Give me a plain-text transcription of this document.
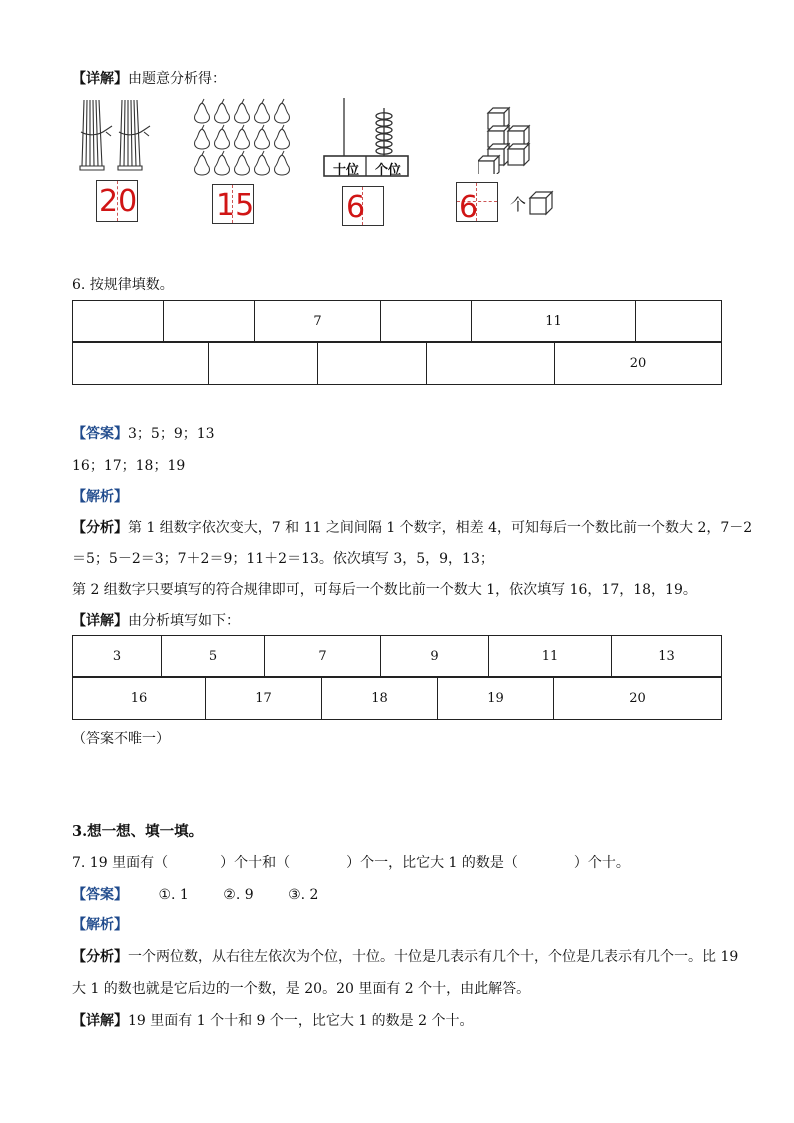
【详解】由题意分析得：
20	15
十位	个位
6	6 个
6. 按规律填数。
		7		11	
				20
【答案】3；5；9；13
16；17；18；19
【解析】
【分析】第 1 组数字依次变大，7 和 11 之间间隔 1 个数字，相差 4，可知每后一个数比前一个数大 2，7－2
＝5；5－2＝3；7＋2＝9；11＋2＝13。依次填写 3，5，9，13；
第 2 组数字只要填写的符合规律即可，可每后一个数比前一个数大 1，依次填写 16，17，18，19。
【详解】由分析填写如下：
3	5	7	9	11	13
16	17	18	19	20
（答案不唯一）
3.想一想、填一填。
7. 19 里面有（	）个十和（	）个一，比它大 1 的数是（	）个十。
【答案】 ①. 1 ②. 9 ③. 2
【解析】
【分析】一个两位数，从右往左依次为个位，十位。十位是几表示有几个十，个位是几表示有几个一。比 19
大 1 的数也就是它后边的一个数，是 20。20 里面有 2 个十，由此解答。
【详解】19 里面有 1 个十和 9 个一，比它大 1 的数是 2 个十。
